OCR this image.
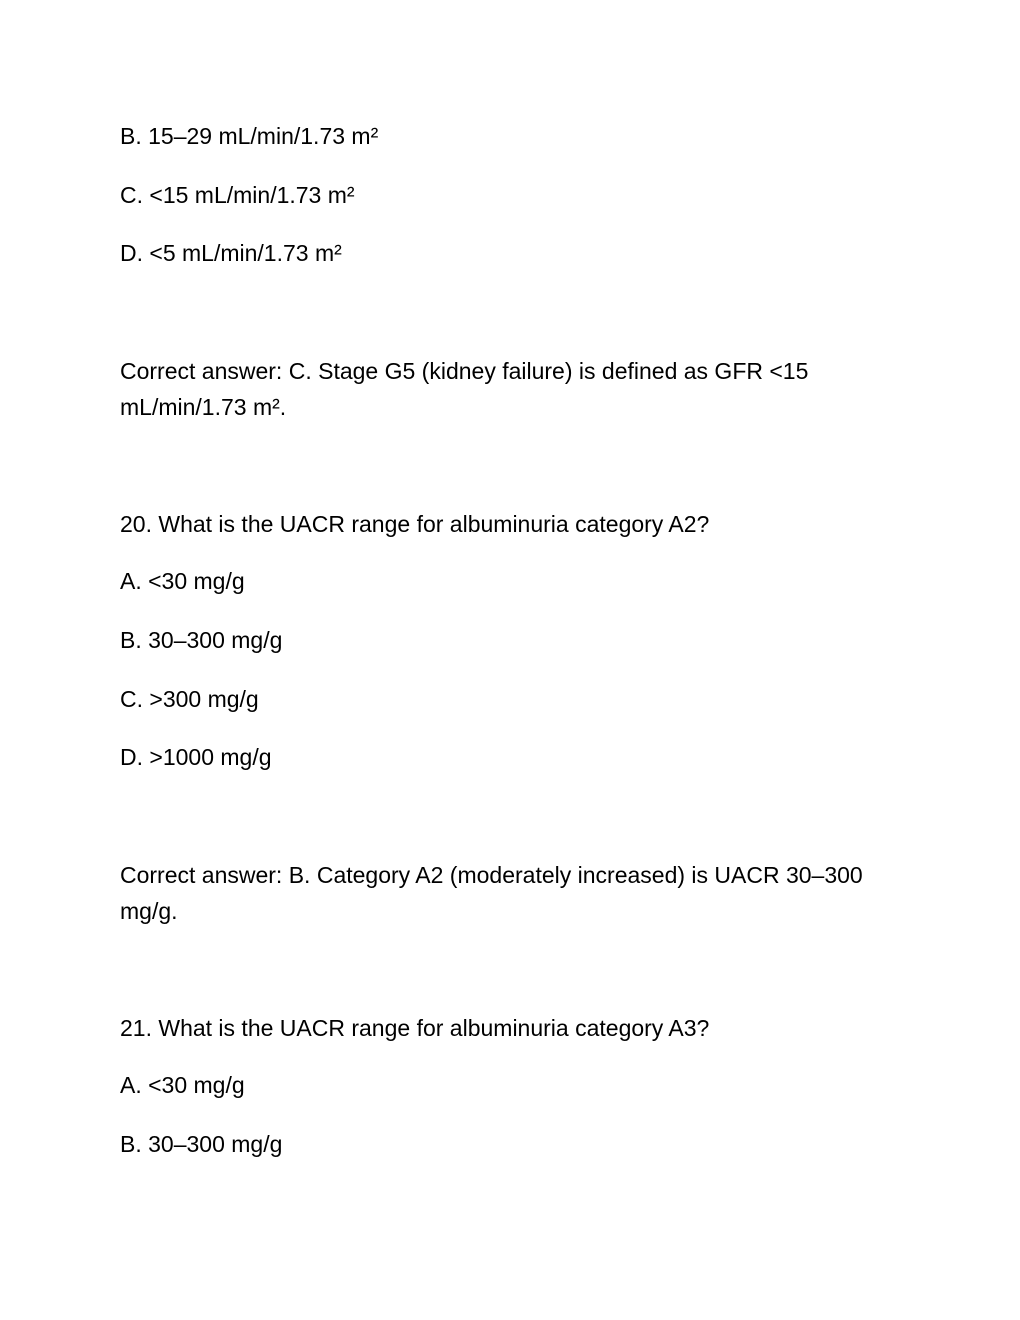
B. 15–29 mL/min/1.73 m²
C. <15 mL/min/1.73 m²
D. <5 mL/min/1.73 m²
Correct answer: C. Stage G5 (kidney failure) is defined as GFR <15
mL/min/1.73 m².
20. What is the UACR range for albuminuria category A2?
A. <30 mg/g
B. 30–300 mg/g
C. >300 mg/g
D. >1000 mg/g
Correct answer: B. Category A2 (moderately increased) is UACR 30–300
mg/g.
21. What is the UACR range for albuminuria category A3?
A. <30 mg/g
B. 30–300 mg/g
